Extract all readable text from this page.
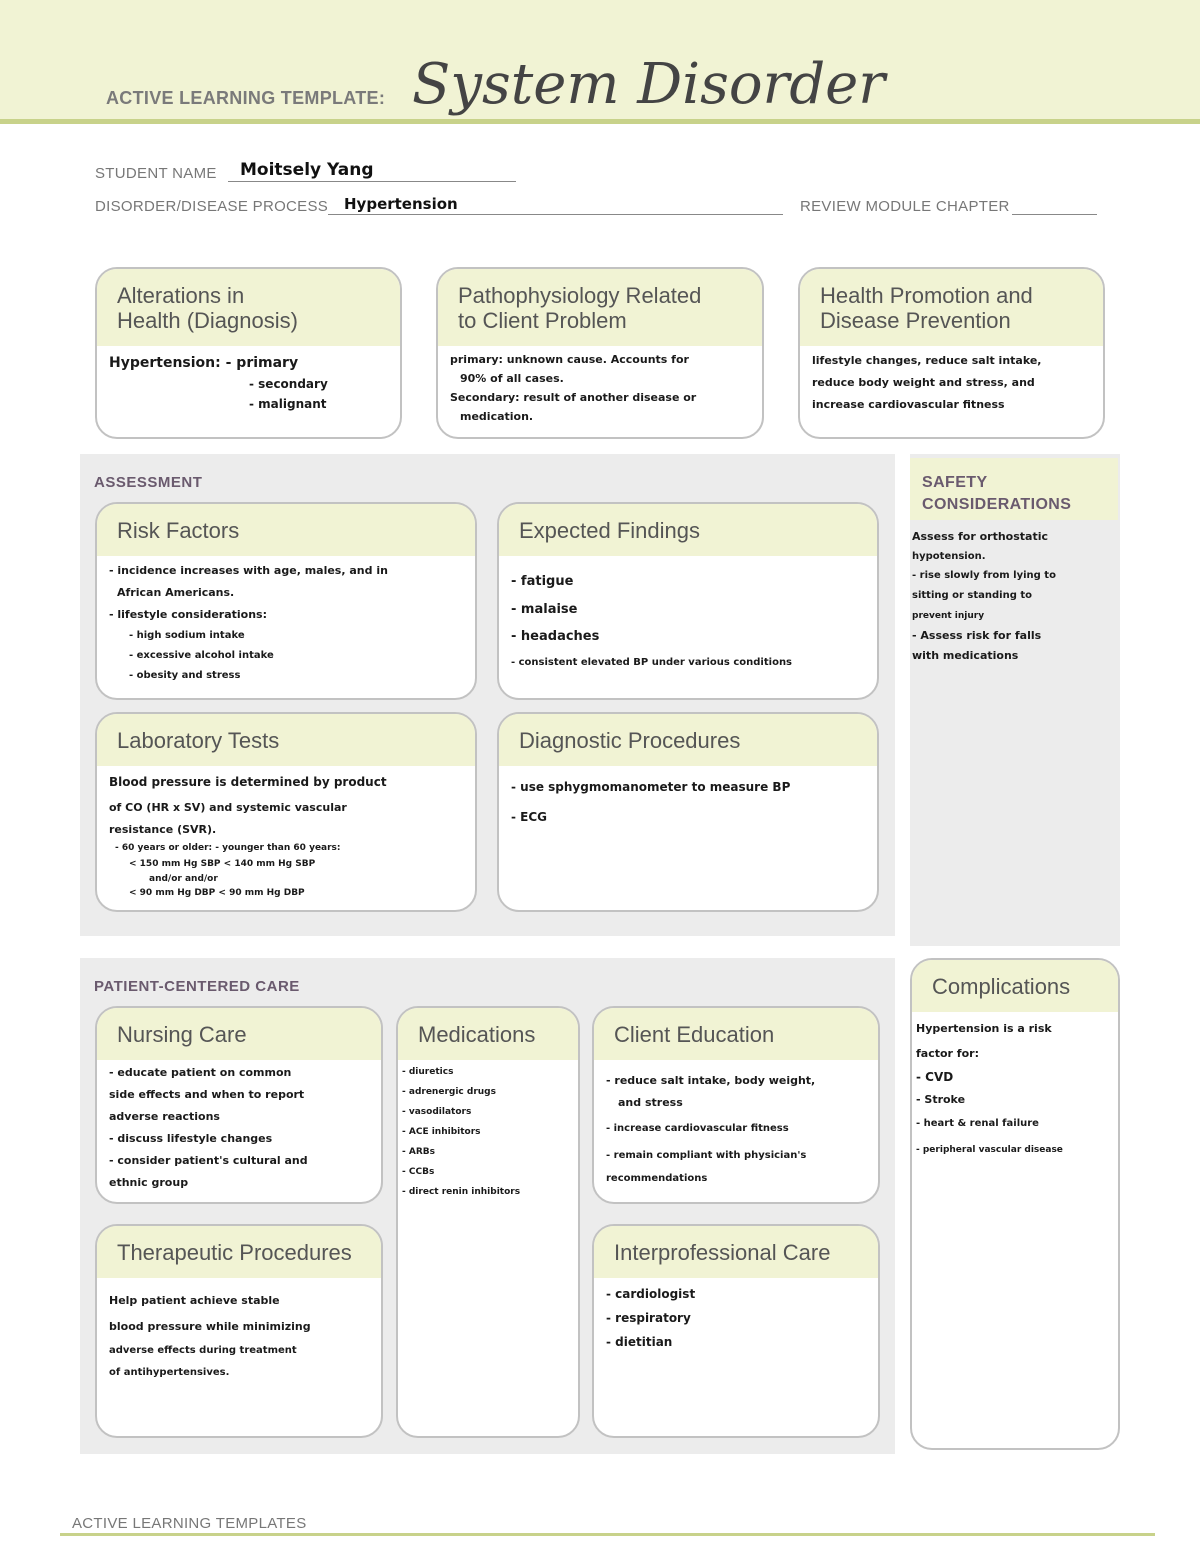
ACTIVE LEARNING TEMPLATE: System Disorder
STUDENT NAME Moitsely Yang
DISORDER/DISEASE PROCESS Hypertension	REVIEW MODULE CHAPTER
Alterations in
Health (Diagnosis)
Hypertension: - primary
- secondary
- malignant
Pathophysiology Related
to Client Problem
primary: unknown cause. Accounts for
90% of all cases.
Secondary: result of another disease or
medication.
Health Promotion and
Disease Prevention
lifestyle changes, reduce salt intake,
reduce body weight and stress, and
increase cardiovascular fitness
ASSESSMENT
Risk Factors
- incidence increases with age, males, and in
African Americans.
- lifestyle considerations:
- high sodium intake
- excessive alcohol intake
- obesity and stress
Expected Findings
- fatigue
- malaise
- headaches
- consistent elevated BP under various conditions
Laboratory Tests
Blood pressure is determined by product
of CO (HR x SV) and systemic vascular
resistance (SVR).
- 60 years or older: - younger than 60 years:
< 150 mm Hg SBP < 140 mm Hg SBP
and/or and/or
< 90 mm Hg DBP < 90 mm Hg DBP
Diagnostic Procedures
- use sphygmomanometer to measure BP
- ECG
SAFETY
CONSIDERATIONS
Assess for orthostatic
hypotension.
- rise slowly from lying to
sitting or standing to
prevent injury
- Assess risk for falls
with medications
PATIENT-CENTERED CARE
Nursing Care
- educate patient on common
side effects and when to report
adverse reactions
- discuss lifestyle changes
- consider patient's cultural and
ethnic group
Medications
- diuretics
- adrenergic drugs
- vasodilators
- ACE inhibitors
- ARBs
- CCBs
- direct renin inhibitors
Client Education
- reduce salt intake, body weight,
and stress
- increase cardiovascular fitness
- remain compliant with physician's
recommendations
Therapeutic Procedures
Help patient achieve stable
blood pressure while minimizing
adverse effects during treatment
of antihypertensives.
Interprofessional Care
- cardiologist
- respiratory
- dietitian
Complications
Hypertension is a risk
factor for:
- CVD
- Stroke
- heart & renal failure
- peripheral vascular disease
ACTIVE LEARNING TEMPLATES
